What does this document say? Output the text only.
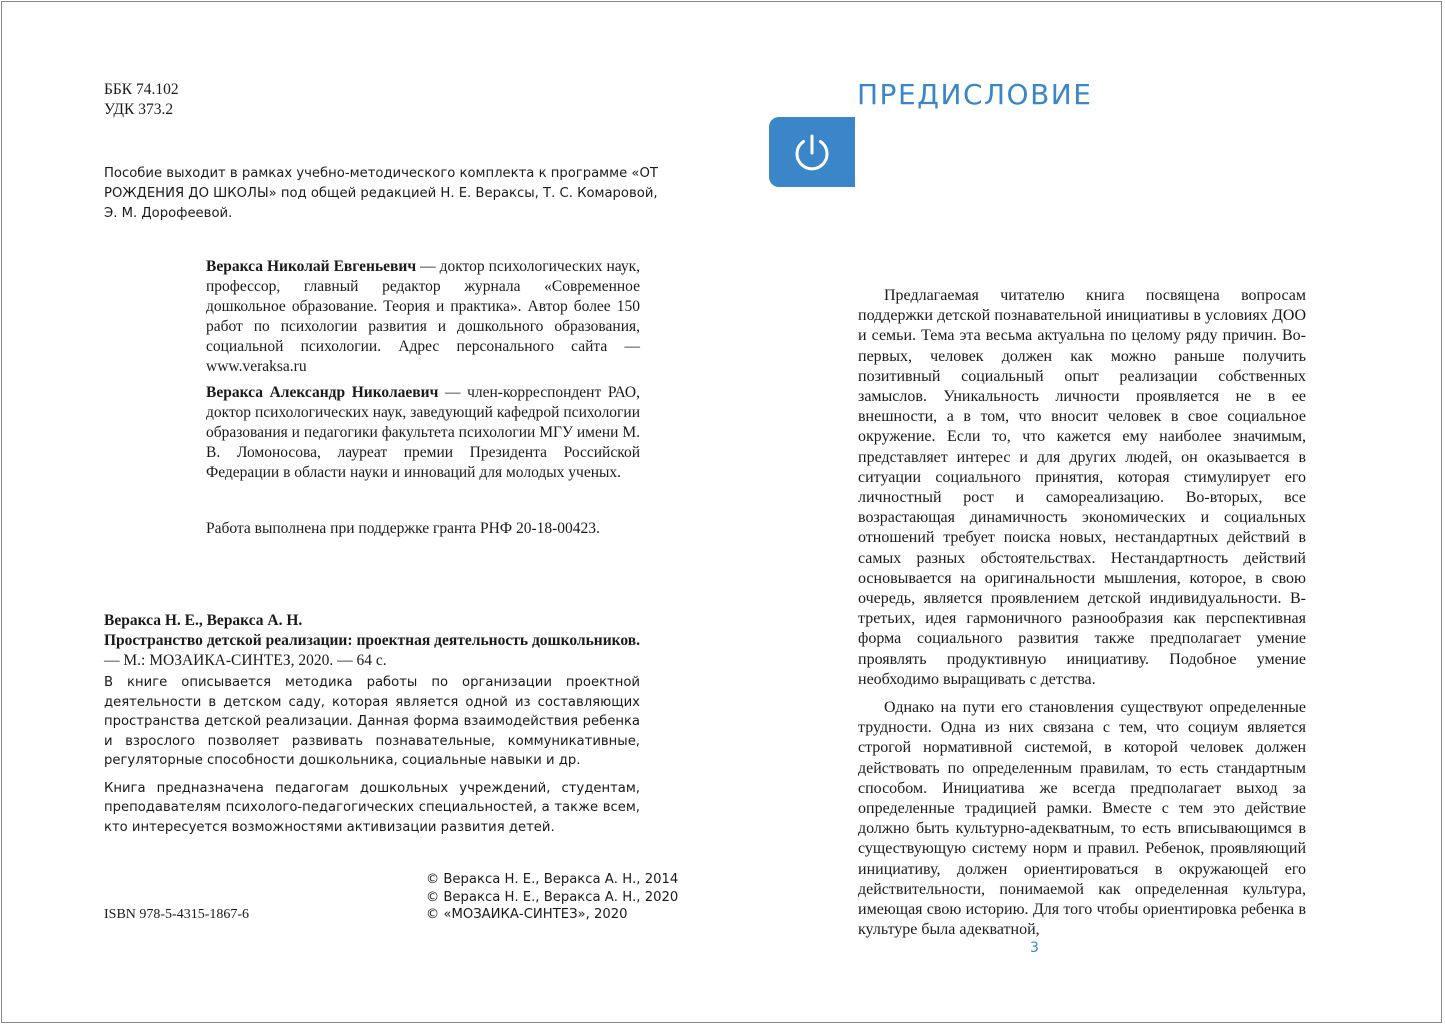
ББК 74.102
УДК 373.2
Пособие выходит в рамках учебно-методического комплекта к программе «ОТ РОЖДЕНИЯ ДО ШКОЛЫ» под общей редакцией Н. Е. Вераксы, Т. С. Комаровой, Э. М. Дорофеевой.

Веракса Николай Евгеньевич — доктор психологических наук, профессор, главный редактор журнала «Современное дошкольное образование. Теория и практика». Автор более 150 работ по психологии развития и дошкольного образования, социальной психологии. Адрес персонального сайта — www.veraksa.ru

Веракса Александр Николаевич — член-корреспондент РАО, доктор психологических наук, заведующий кафедрой психологии образования и педагогики факультета психологии МГУ имени М. В. Ломоносова, лауреат премии Президента Российской Федерации в области науки и инноваций для молодых ученых.

Работа выполнена при поддержке гранта РНФ 20-18-00423.
Веракса Н. Е., Веракса А. Н.
Пространство детской реализации: проектная деятельность дошкольников. — М.: МОЗАИКА-СИНТЕЗ, 2020. — 64 с.

В книге описывается методика работы по организации проектной деятельности в детском саду, которая является одной из составляющих пространства детской реализации. Данная форма взаимодействия ребенка и взрослого позволяет развивать познавательные, коммуникативные, регуляторные способности дошкольника, социальные навыки и др.

Книга предназначена педагогам дошкольных учреждений, студентам, преподавателям психолого-педагогических специальностей, а также всем, кто интересуется возможностями активизации развития детей.

© Веракса Н. Е., Веракса А. Н., 2014
© Веракса Н. Е., Веракса А. Н., 2020
© «МОЗАИКА-СИНТЕЗ», 2020
ISBN 978-5-4315-1867-6
ПРЕДИСЛОВИЕ

Предлагаемая читателю книга посвящена вопросам поддержки детской познавательной инициативы в условиях ДОО и семьи. Тема эта весьма актуальна по целому ряду причин. Во-первых, человек должен как можно раньше получить позитивный социальный опыт реализации собственных замыслов. Уникальность личности проявляется не в ее внешности, а в том, что вносит человек в свое социальное окружение. Если то, что кажется ему наиболее значимым, представляет интерес и для других людей, он оказывается в ситуации социального принятия, которая стимулирует его личностный рост и самореализацию. Во-вторых, все возрастающая динамичность экономических и социальных отношений требует поиска новых, нестандартных действий в самых разных обстоятельствах. Нестандартность действий основывается на оригинальности мышления, которое, в свою очередь, является проявлением детской индивидуальности. В-третьих, идея гармоничного разнообразия как перспективная форма социального развития также предполагает умение проявлять продуктивную инициативу. Подобное умение необходимо выращивать с детства.

Однако на пути его становления существуют определенные трудности. Одна из них связана с тем, что социум является строгой нормативной системой, в которой человек должен действовать по определенным правилам, то есть стандартным способом. Инициатива же всегда предполагает выход за определенные традицией рамки. Вместе с тем это действие должно быть культурно-адекватным, то есть вписывающимся в существующую систему норм и правил. Ребенок, проявляющий инициативу, должен ориентироваться в окружающей его действительности, понимаемой как определенная культура, имеющая свою историю. Для того чтобы ориентировка ребенка в культуре была адекватной,

3
